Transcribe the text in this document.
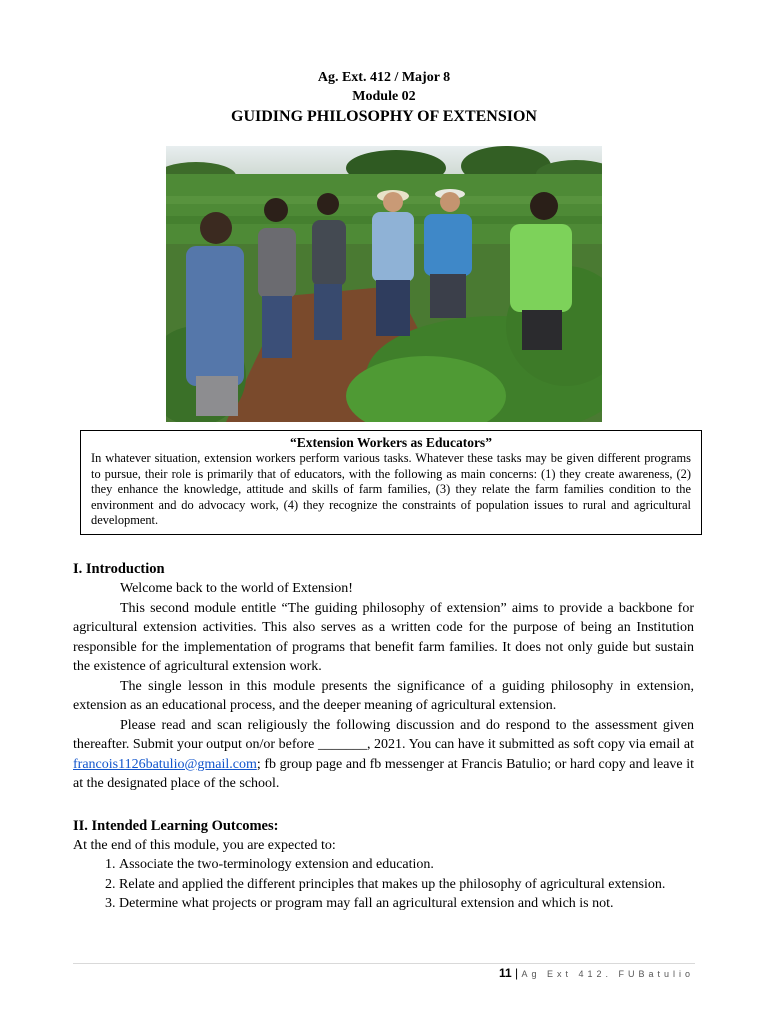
Ag. Ext. 412 / Major 8
Module 02
GUIDING PHILOSOPHY OF EXTENSION
“Extension Workers as Educators”
In whatever situation, extension workers perform various tasks. Whatever these tasks may be given different programs to pursue, their role is primarily that of educators, with the following as main concerns: (1) they create awareness, (2) they enhance the knowledge, attitude and skills of farm families, (3) they relate the farm families condition to the environment and do advocacy work, (4) they recognize the constraints of population issues to rural and agricultural development.
I. Introduction
Welcome back to the world of Extension!
This second module entitle “The guiding philosophy of extension” aims to provide a backbone for agricultural extension activities. This also serves as a written code for the purpose of being an Institution responsible for the implementation of programs that benefit farm families. It does not only guide but sustain the existence of agricultural extension work.
The single lesson in this module presents the significance of a guiding philosophy in extension, extension as an educational process, and the deeper meaning of agricultural extension.
Please read and scan religiously the following discussion and do respond to the assessment given thereafter. Submit your output on/or before _______, 2021. You can have it submitted as soft copy via email at francois1126batulio@gmail.com; fb group page and fb messenger at Francis Batulio; or hard copy and leave it at the designated place of the school.
II. Intended Learning Outcomes:
At the end of this module, you are expected to:
1. Associate the two-terminology extension and education.
2. Relate and applied the different principles that makes up the philosophy of agricultural extension.
3. Determine what projects or program may fall an agricultural extension and which is not.
11 | Ag Ext 412. FUBatulio
